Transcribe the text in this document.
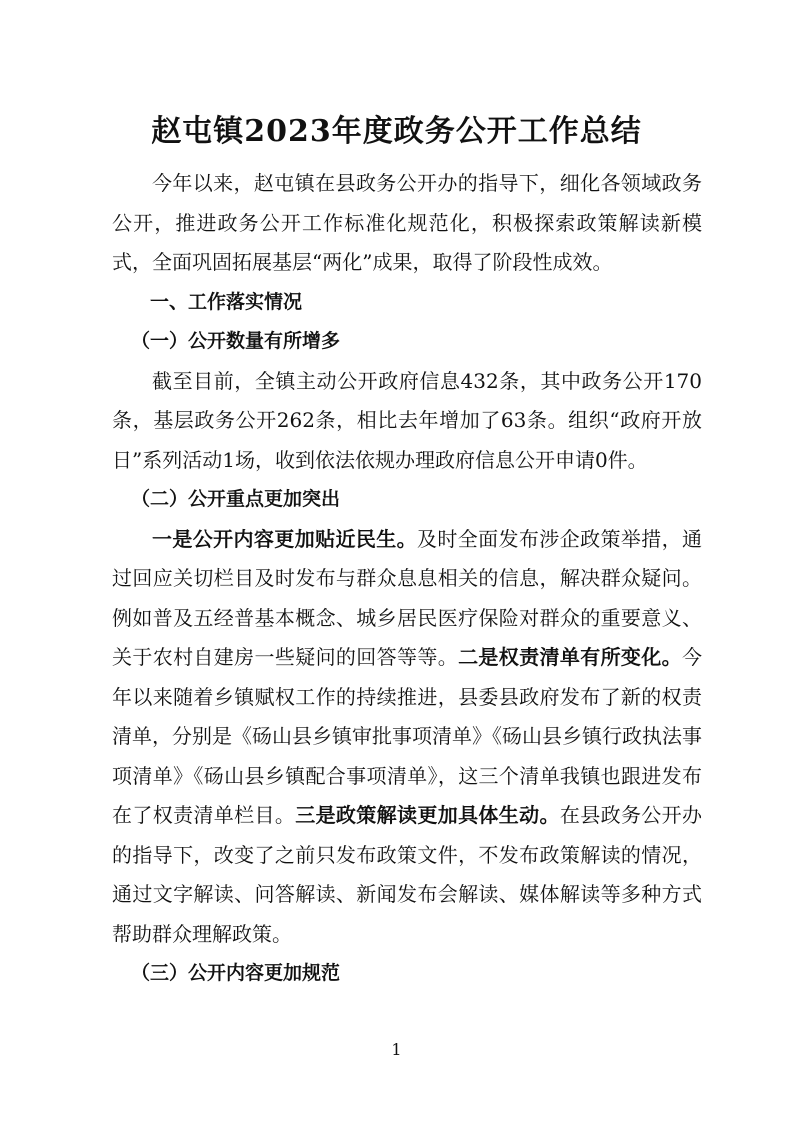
赵屯镇2023年度政务公开工作总结

今年以来，赵屯镇在县政务公开办的指导下，细化各领域政务公开，推进政务公开工作标准化规范化，积极探索政策解读新模式，全面巩固拓展基层“两化”成果，取得了阶段性成效。

一、工作落实情况

（一）公开数量有所增多

截至目前，全镇主动公开政府信息432条，其中政务公开170条，基层政务公开262条，相比去年增加了63条。组织“政府开放日”系列活动1场，收到依法依规办理政府信息公开申请0件。

（二）公开重点更加突出

一是公开内容更加贴近民生。及时全面发布涉企政策举措，通过回应关切栏目及时发布与群众息息相关的信息，解决群众疑问。例如普及五经普基本概念、城乡居民医疗保险对群众的重要意义、关于农村自建房一些疑问的回答等等。二是权责清单有所变化。今年以来随着乡镇赋权工作的持续推进，县委县政府发布了新的权责清单，分别是《砀山县乡镇审批事项清单》《砀山县乡镇行政执法事项清单》《砀山县乡镇配合事项清单》，这三个清单我镇也跟进发布在了权责清单栏目。三是政策解读更加具体生动。在县政务公开办的指导下，改变了之前只发布政策文件，不发布政策解读的情况，通过文字解读、问答解读、新闻发布会解读、媒体解读等多种方式帮助群众理解政策。

（三）公开内容更加规范

1
